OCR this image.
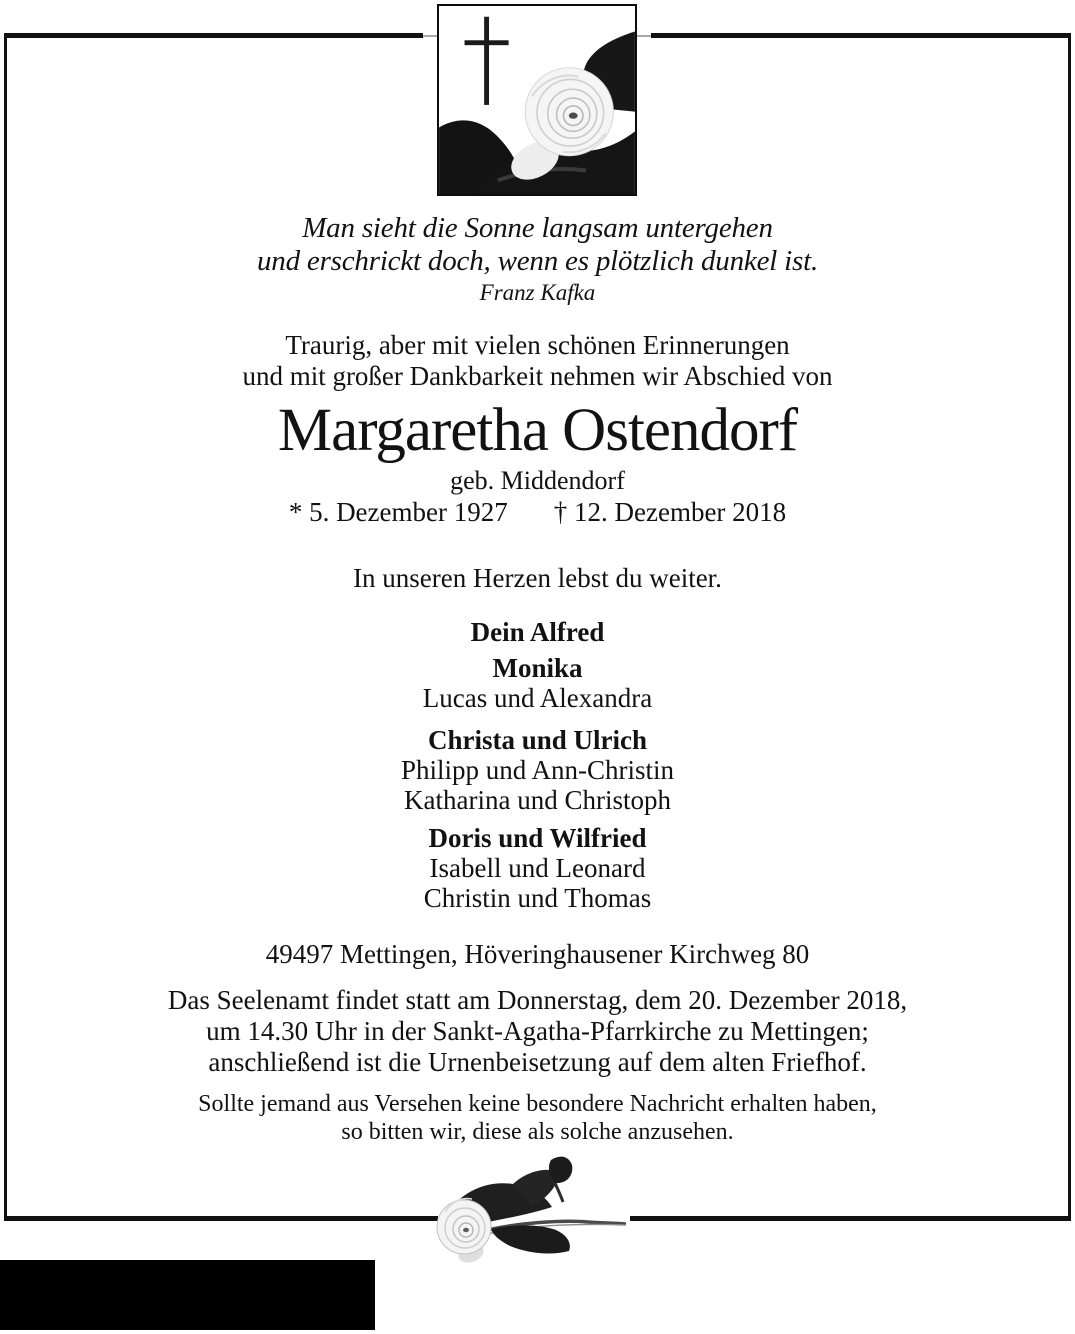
Man sieht die Sonne langsam untergehen
und erschrickt doch, wenn es plötzlich dunkel ist.
Franz Kafka
Traurig, aber mit vielen schönen Erinnerungen
und mit großer Dankbarkeit nehmen wir Abschied von
Margaretha Ostendorf
geb. Middendorf
* 5. Dezember 1927 † 12. Dezember 2018
In unseren Herzen lebst du weiter.
Dein Alfred
Monika
Lucas und Alexandra
Christa und Ulrich
Philipp und Ann-Christin
Katharina und Christoph
Doris und Wilfried
Isabell und Leonard
Christin und Thomas
49497 Mettingen, Höveringhausener Kirchweg 80
Das Seelenamt findet statt am Donnerstag, dem 20. Dezember 2018,
um 14.30 Uhr in der Sankt-Agatha-Pfarrkirche zu Mettingen;
anschließend ist die Urnenbeisetzung auf dem alten Friefhof.
Sollte jemand aus Versehen keine besondere Nachricht erhalten haben,
so bitten wir, diese als solche anzusehen.
